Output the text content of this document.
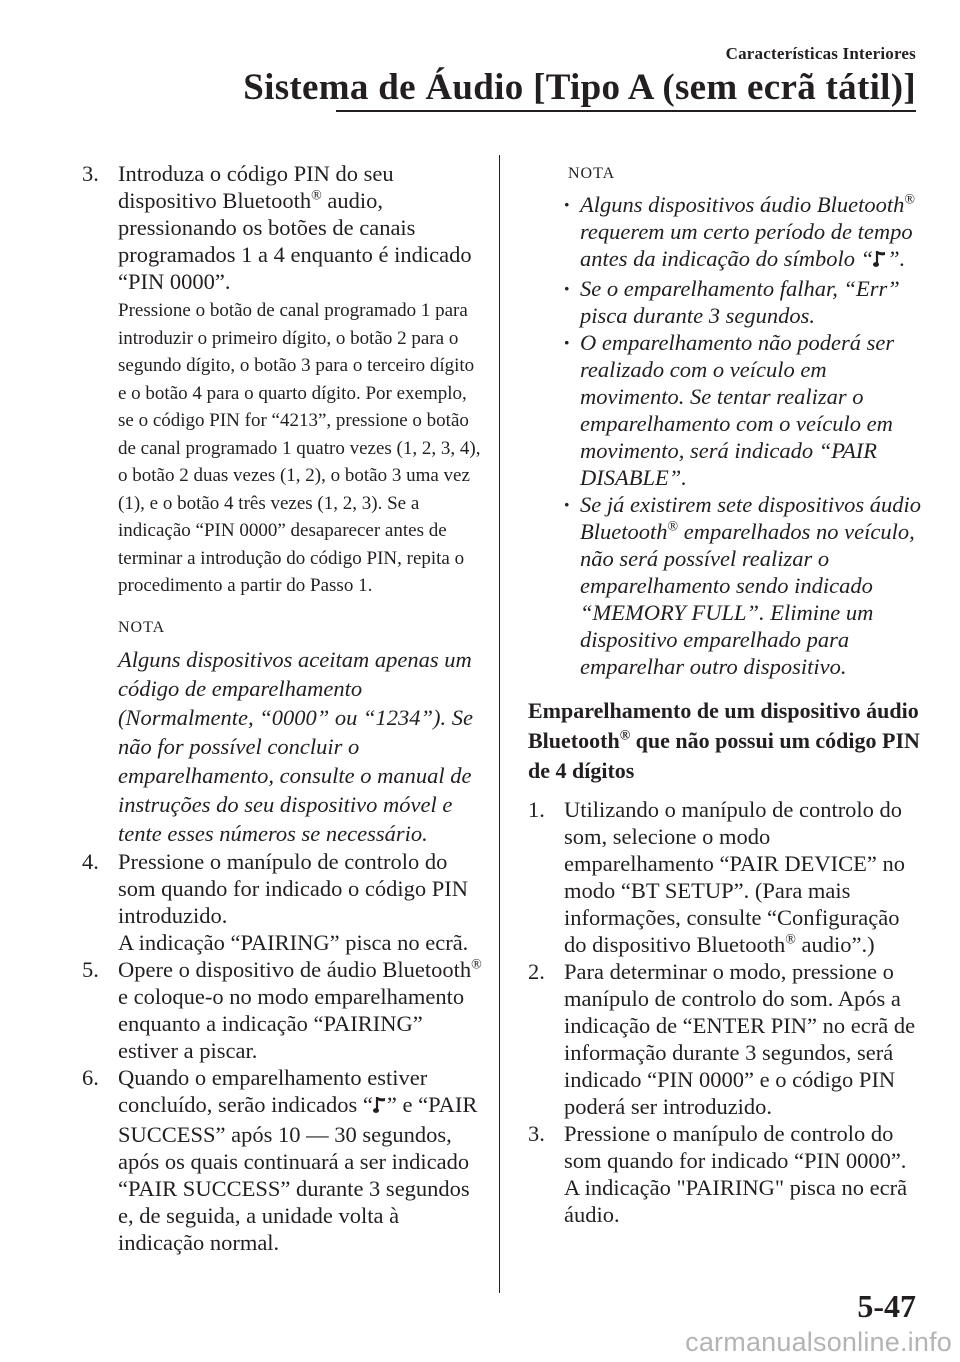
Características Interiores
Sistema de Áudio [Tipo A (sem ecrã tátil)]
3. Introduza o código PIN do seu dispositivo Bluetooth® audio, pressionando os botões de canais programados 1 a 4 enquanto é indicado “PIN 0000”.
Pressione o botão de canal programado 1 para introduzir o primeiro dígito, o botão 2 para o segundo dígito, o botão 3 para o terceiro dígito e o botão 4 para o quarto dígito. Por exemplo, se o código PIN for “4213”, pressione o botão de canal programado 1 quatro vezes (1, 2, 3, 4), o botão 2 duas vezes (1, 2), o botão 3 uma vez (1), e o botão 4 três vezes (1, 2, 3). Se a indicação “PIN 0000” desaparecer antes de terminar a introdução do código PIN, repita o procedimento a partir do Passo 1.
NOTA
Alguns dispositivos aceitam apenas um código de emparelhamento (Normalmente, “0000” ou “1234”). Se não for possível concluir o emparelhamento, consulte o manual de instruções do seu dispositivo móvel e tente esses números se necessário.
4. Pressione o manípulo de controlo do som quando for indicado o código PIN introduzido.
A indicação “PAIRING” pisca no ecrã.
5. Opere o dispositivo de áudio Bluetooth® e coloque-o no modo emparelhamento enquanto a indicação “PAIRING” estiver a piscar.
6. Quando o emparelhamento estiver concluído, serão indicados “ ” e “PAIR SUCCESS” após 10 — 30 segundos, após os quais continuará a ser indicado “PAIR SUCCESS” durante 3 segundos e, de seguida, a unidade volta à indicação normal.
NOTA
· Alguns dispositivos áudio Bluetooth® requerem um certo período de tempo antes da indicação do símbolo “ ”.
· Se o emparelhamento falhar, “Err” pisca durante 3 segundos.
· O emparelhamento não poderá ser realizado com o veículo em movimento. Se tentar realizar o emparelhamento com o veículo em movimento, será indicado “PAIR DISABLE”.
· Se já existirem sete dispositivos áudio Bluetooth® emparelhados no veículo, não será possível realizar o emparelhamento sendo indicado “MEMORY FULL”. Elimine um dispositivo emparelhado para emparelhar outro dispositivo.
Emparelhamento de um dispositivo áudio Bluetooth® que não possui um código PIN de 4 dígitos
1. Utilizando o manípulo de controlo do som, selecione o modo emparelhamento “PAIR DEVICE” no modo “BT SETUP”. (Para mais informações, consulte “Configuração do dispositivo Bluetooth® audio”.)
2. Para determinar o modo, pressione o manípulo de controlo do som. Após a indicação de “ENTER PIN” no ecrã de informação durante 3 segundos, será indicado “PIN 0000” e o código PIN poderá ser introduzido.
3. Pressione o manípulo de controlo do som quando for indicado “PIN 0000”.
A indicação "PAIRING" pisca no ecrã áudio.
5-47
carmanualsonline.info
